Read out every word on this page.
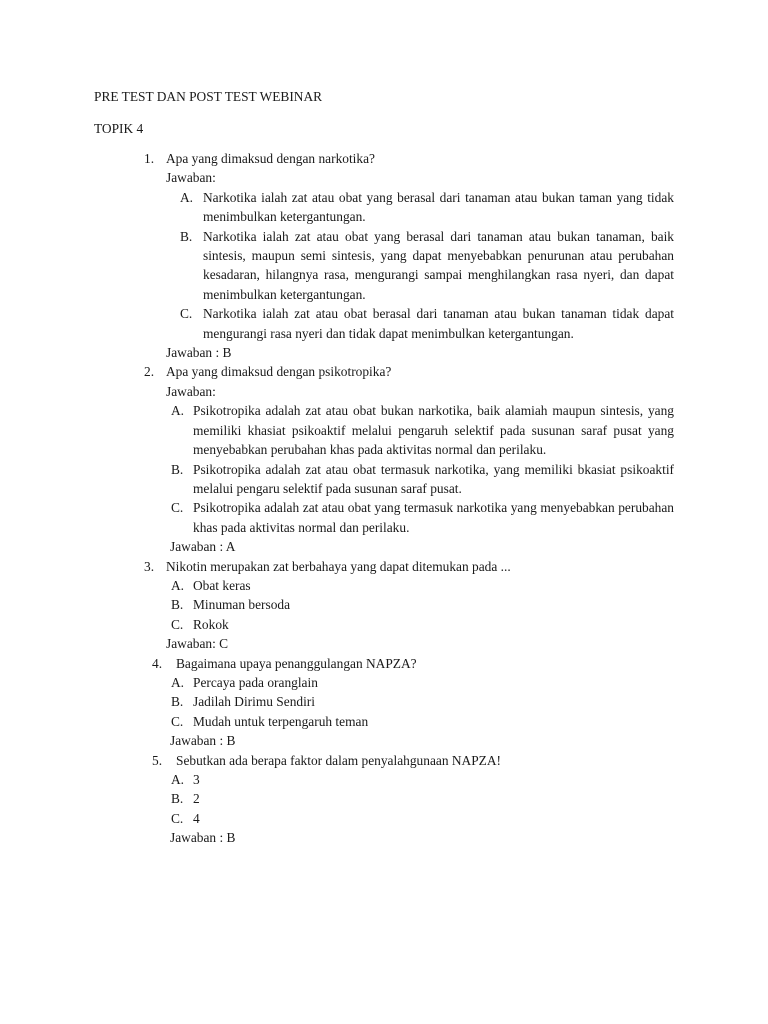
PRE TEST DAN POST TEST WEBINAR
TOPIK 4
1. Apa yang dimaksud dengan narkotika?
Jawaban:
A. Narkotika ialah zat atau obat yang berasal dari tanaman atau bukan taman yang tidak menimbulkan ketergantungan.
B. Narkotika ialah zat atau obat yang berasal dari tanaman atau bukan tanaman, baik sintesis, maupun semi sintesis, yang dapat menyebabkan penurunan atau perubahan kesadaran, hilangnya rasa, mengurangi sampai menghilangkan rasa nyeri, dan dapat menimbulkan ketergantungan.
C. Narkotika ialah zat atau obat berasal dari tanaman atau bukan tanaman tidak dapat mengurangi rasa nyeri dan tidak dapat menimbulkan ketergantungan.
Jawaban : B
2. Apa yang dimaksud dengan psikotropika?
Jawaban:
A. Psikotropika adalah zat atau obat bukan narkotika, baik alamiah maupun sintesis, yang memiliki khasiat psikoaktif melalui pengaruh selektif pada susunan saraf pusat yang menyebabkan perubahan khas pada aktivitas normal dan perilaku.
B. Psikotropika adalah zat atau obat termasuk narkotika, yang memiliki bkasiat psikoaktif melalui pengaru selektif pada susunan saraf pusat.
C. Psikotropika adalah zat atau obat yang termasuk narkotika yang menyebabkan perubahan khas pada aktivitas normal dan perilaku.
Jawaban : A
3. Nikotin merupakan zat berbahaya yang dapat ditemukan pada ...
A. Obat keras
B. Minuman bersoda
C. Rokok
Jawaban: C
4. Bagaimana upaya penanggulangan NAPZA?
A. Percaya pada oranglain
B. Jadilah Dirimu Sendiri
C. Mudah untuk terpengaruh teman
Jawaban : B
5. Sebutkan ada berapa faktor dalam penyalahgunaan NAPZA!
A. 3
B. 2
C. 4
Jawaban : B
